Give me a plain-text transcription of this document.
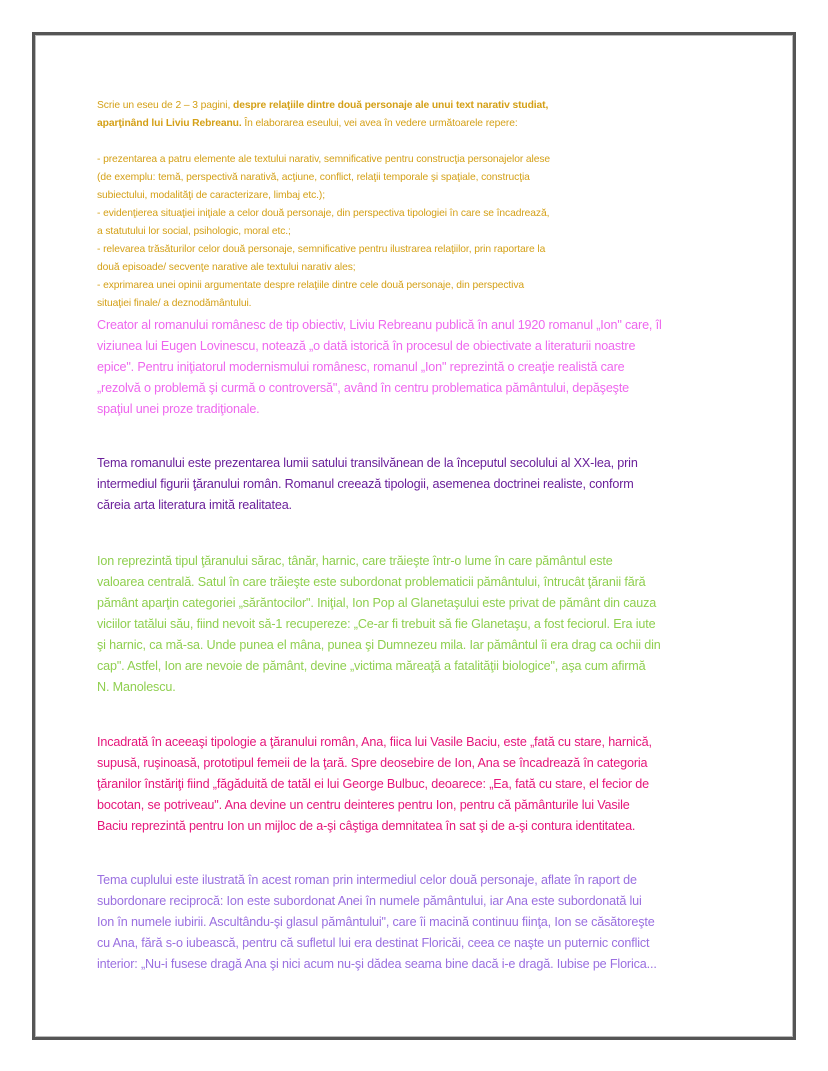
Scrie un eseu de 2 – 3 pagini, despre relaţiile dintre două personaje ale unui text narativ studiat,
aparţinând lui Liviu Rebreanu. În elaborarea eseului, vei avea în vedere următoarele repere:

- prezentarea a patru elemente ale textului narativ, semnificative pentru construcţia personajelor alese
(de exemplu: temă, perspectivă narativă, acţiune, conflict, relaţii temporale şi spaţiale, construcţia
subiectului, modalităţi de caracterizare, limbaj etc.);
- evidenţierea situaţiei iniţiale a celor două personaje, din perspectiva tipologiei în care se încadrează,
a statutului lor social, psihologic, moral etc.;
- relevarea trăsăturilor celor două personaje, semnificative pentru ilustrarea relaţiilor, prin raportare la
două episoade/ secvenţe narative ale textului narativ ales;
- exprimarea unei opinii argumentate despre relaţiile dintre cele două personaje, din perspectiva
situaţiei finale/ a deznodământului.
Creator al romanului românesc de tip obiectiv, Liviu Rebreanu publică în anul 1920 romanul „Ion" care, îl
viziunea lui Eugen Lovinescu, notează „o dată istorică în procesul de obiectivate a literaturii noastre
epice". Pentru iniţiatorul modernismului românesc, romanul „Ion" reprezintă o creaţie realistă care
„rezolvă o problemă şi curmă o controversă", având în centru problematica pământului, depăşeşte
spaţiul unei proze tradiţionale.
Tema romanului este prezentarea lumii satului transilvănean de la începutul secolului al XX-lea, prin
intermediul figurii ţăranului român. Romanul creează tipologii, asemenea doctrinei realiste, conform
căreia arta literatura imită realitatea.
Ion reprezintă tipul ţăranului sărac, tânăr, harnic, care trăieşte într-o lume în care pământul este
valoarea centrală. Satul în care trăieşte este subordonat problematicii pământului, întrucât ţăranii fără
pământ aparţin categoriei „sărăntocilor". Iniţial, Ion Pop al Glanetaşului este privat de pământ din cauza
viciilor tatălui său, fiind nevoit să-1 recupereze: „Ce-ar fi trebuit să fie Glanetaşu, a fost feciorul. Era iute
şi harnic, ca mă-sa. Unde punea el mâna, punea şi Dumnezeu mila. Iar pământul îi era drag ca ochii din
cap". Astfel, Ion are nevoie de pământ, devine „victima măreaţă a fatalităţii biologice", aşa cum afirmă
N. Manolescu.
Incadrată în aceeaşi tipologie a ţăranului român, Ana, fiica lui Vasile Baciu, este „fată cu stare, harnică,
supusă, ruşinoasă, prototipul femeii de la ţară. Spre deosebire de Ion, Ana se încadrează în categoria
ţăranilor înstăriţi fiind „făgăduită de tatăl ei lui George Bulbuc, deoarece: „Ea, fată cu stare, el fecior de
bocotan, se potriveau". Ana devine un centru deinteres pentru Ion, pentru că pământurile lui Vasile
Baciu reprezintă pentru Ion un mijloc de a-şi câştiga demnitatea în sat şi de a-şi contura identitatea.
Tema cuplului este ilustrată în acest roman prin intermediul celor două personaje, aflate în raport de
subordonare reciprocă: Ion este subordonat Anei în numele pământului, iar Ana este subordonată lui
Ion în numele iubirii. Ascultându-şi glasul pământului", care îi macină continuu fiinţa, Ion se căsătoreşte
cu Ana, fără s-o iubească, pentru că sufletul lui era destinat Floricăi, ceea ce naşte un puternic conflict
interior: „Nu-i fusese dragă Ana şi nici acum nu-şi dădea seama bine dacă i-e dragă. Iubise pe Florica...
